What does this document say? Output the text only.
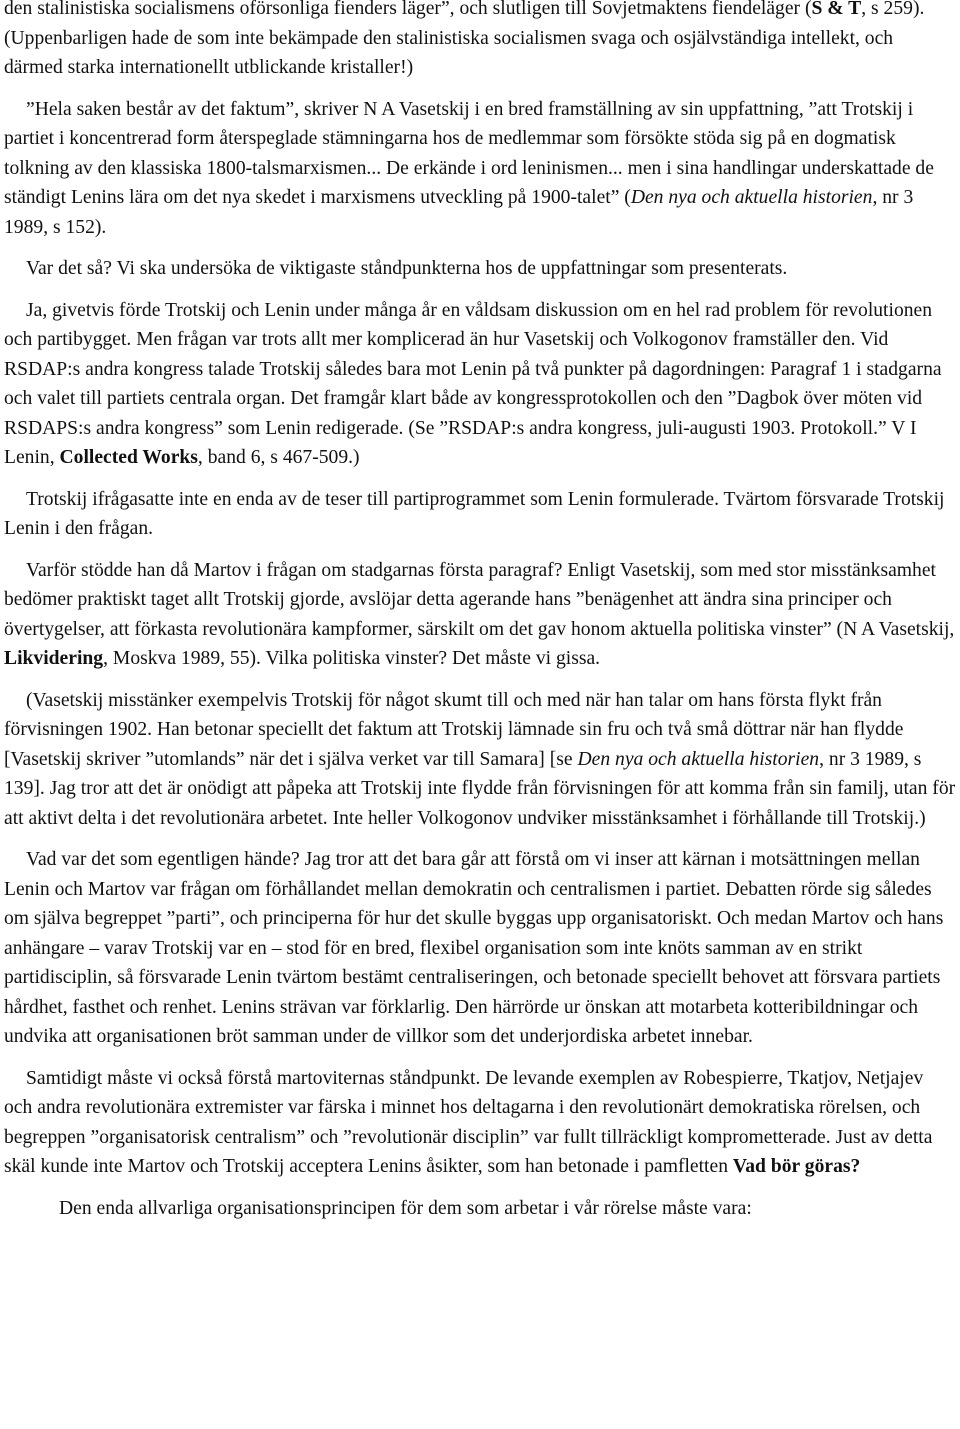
den stalinistiska socialismens oförsonliga fienders läger”, och slutligen till Sovjetmaktens fiendeläger (S & T, s 259). (Uppenbarligen hade de som inte bekämpade den stalinistiska socialismen svaga och osjälvständiga intellekt, och därmed starka internationellt utblickande kristaller!)

”Hela saken består av det faktum”, skriver N A Vasetskij i en bred framställning av sin uppfattning, ”att Trotskij i partiet i koncentrerad form återspeglade stämningarna hos de medlemmar som försökte stöda sig på en dogmatisk tolkning av den klassiska 1800-talsmarxismen... De erkände i ord leninismen... men i sina handlingar underskattade de ständigt Lenins lära om det nya skedet i marxismens utveckling på 1900-talet” (Den nya och aktuella historien, nr 3 1989, s 152).

Var det så? Vi ska undersöka de viktigaste ståndpunkterna hos de uppfattningar som presenterats.

Ja, givetvis förde Trotskij och Lenin under många år en våldsam diskussion om en hel rad problem för revolutionen och partibygget. Men frågan var trots allt mer komplicerad än hur Vasetskij och Volkogonov framställer den. Vid RSDAP:s andra kongress talade Trotskij således bara mot Lenin på två punkter på dagordningen: Paragraf 1 i stadgarna och valet till partiets centrala organ. Det framgår klart både av kongressprotokollen och den ”Dagbok över möten vid RSDAPS:s andra kongress” som Lenin redigerade. (Se ”RSDAP:s andra kongress, juli-augusti 1903. Protokoll.” V I Lenin, Collected Works, band 6, s 467-509.)

Trotskij ifrågasatte inte en enda av de teser till partiprogrammet som Lenin formulerade. Tvärtom försvarade Trotskij Lenin i den frågan.

Varför stödde han då Martov i frågan om stadgarnas första paragraf? Enligt Vasetskij, som med stor misstänksamhet bedömer praktiskt taget allt Trotskij gjorde, avslöjar detta agerande hans ”benägenhet att ändra sina principer och övertygelser, att förkasta revolutionära kampformer, särskilt om det gav honom aktuella politiska vinster” (N A Vasetskij, Likvidering, Moskva 1989, 55). Vilka politiska vinster? Det måste vi gissa.

(Vasetskij misstänker exempelvis Trotskij för något skumt till och med när han talar om hans första flykt från förvisningen 1902. Han betonar speciellt det faktum att Trotskij lämnade sin fru och två små döttrar när han flydde [Vasetskij skriver ”utomlands” när det i själva verket var till Samara] [se Den nya och aktuella historien, nr 3 1989, s 139]. Jag tror att det är onödigt att påpeka att Trotskij inte flydde från förvisningen för att komma från sin familj, utan för att aktivt delta i det revolutionära arbetet. Inte heller Volkogonov undviker misstänksamhet i förhållande till Trotskij.)

Vad var det som egentligen hände? Jag tror att det bara går att förstå om vi inser att kärnan i motsättningen mellan Lenin och Martov var frågan om förhållandet mellan demokratin och centralismen i partiet. Debatten rörde sig således om själva begreppet ”parti”, och principerna för hur det skulle byggas upp organisatoriskt. Och medan Martov och hans anhängare – varav Trotskij var en – stod för en bred, flexibel organisation som inte knöts samman av en strikt partidisciplin, så försvarade Lenin tvärtom bestämt centraliseringen, och betonade speciellt behovet att försvara partiets hårdhet, fasthet och renhet. Lenins strävan var förklarlig. Den härrörde ur önskan att motarbeta kotteribildningar och undvika att organisationen bröt samman under de villkor som det underjordiska arbetet innebar.

Samtidigt måste vi också förstå martoviternas ståndpunkt. De levande exemplen av Robespierre, Tkatjov, Netjajev och andra revolutionära extremister var färska i minnet hos deltagarna i den revolutionärt demokratiska rörelsen, och begreppen ”organisatorisk centralism” och ”revolutionär disciplin” var fullt tillräckligt komprometterade. Just av detta skäl kunde inte Martov och Trotskij acceptera Lenins åsikter, som han betonade i pamfletten Vad bör göras?

Den enda allvarliga organisationsprincipen för dem som arbetar i vår rörelse måste vara:
